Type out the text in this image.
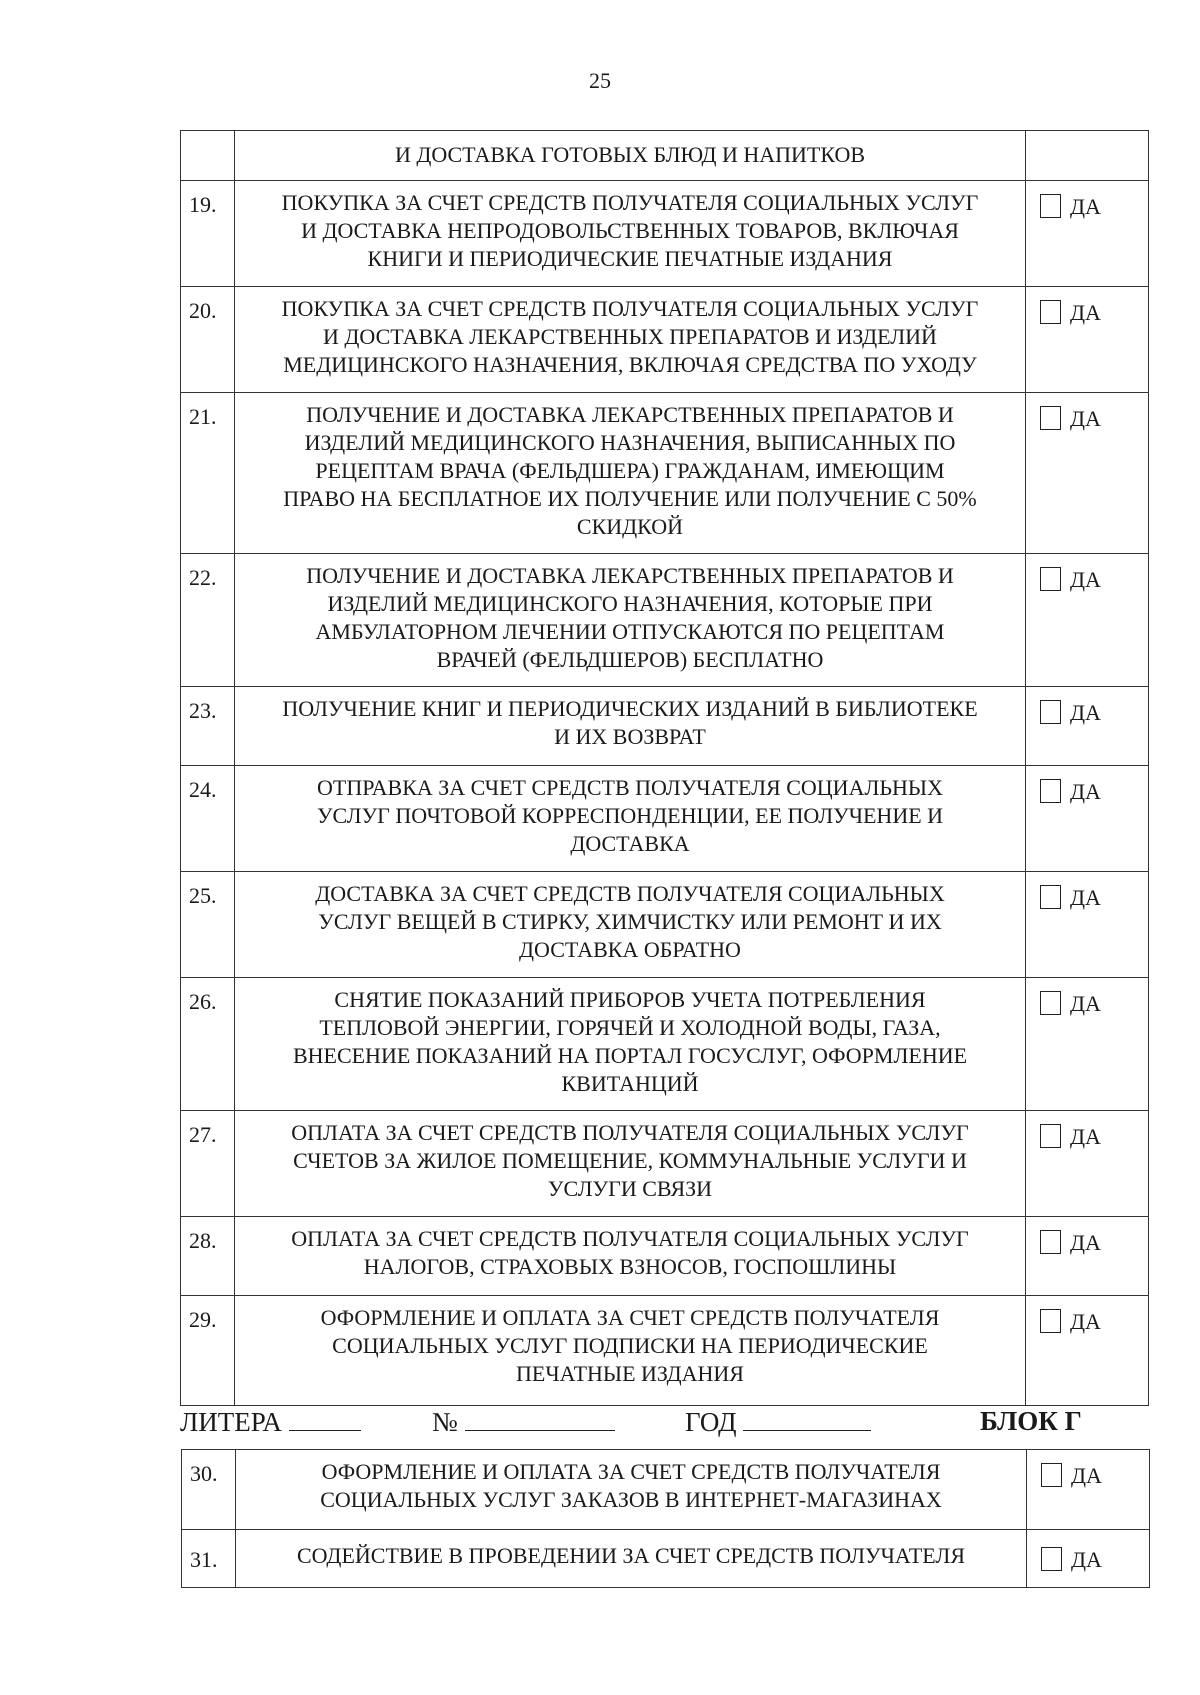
25

	И ДОСТАВКА ГОТОВЫХ БЛЮД И НАПИТКОВ	

19.	ПОКУПКА ЗА СЧЕТ СРЕДСТВ ПОЛУЧАТЕЛЯ СОЦИАЛЬНЫХ УСЛУГ
И ДОСТАВКА НЕПРОДОВОЛЬСТВЕННЫХ ТОВАРОВ, ВКЛЮЧАЯ
КНИГИ И ПЕРИОДИЧЕСКИЕ ПЕЧАТНЫЕ ИЗДАНИЯ	ДА
20.	ПОКУПКА ЗА СЧЕТ СРЕДСТВ ПОЛУЧАТЕЛЯ СОЦИАЛЬНЫХ УСЛУГ
И ДОСТАВКА ЛЕКАРСТВЕННЫХ ПРЕПАРАТОВ И ИЗДЕЛИЙ
МЕДИЦИНСКОГО НАЗНАЧЕНИЯ, ВКЛЮЧАЯ СРЕДСТВА ПО УХОДУ	ДА
21.	ПОЛУЧЕНИЕ И ДОСТАВКА ЛЕКАРСТВЕННЫХ ПРЕПАРАТОВ И
ИЗДЕЛИЙ МЕДИЦИНСКОГО НАЗНАЧЕНИЯ, ВЫПИСАННЫХ ПО
РЕЦЕПТАМ ВРАЧА (ФЕЛЬДШЕРА) ГРАЖДАНАМ, ИМЕЮЩИМ
ПРАВО НА БЕСПЛАТНОЕ ИХ ПОЛУЧЕНИЕ ИЛИ ПОЛУЧЕНИЕ С 50%
СКИДКОЙ	ДА
22.	ПОЛУЧЕНИЕ И ДОСТАВКА ЛЕКАРСТВЕННЫХ ПРЕПАРАТОВ И
ИЗДЕЛИЙ МЕДИЦИНСКОГО НАЗНАЧЕНИЯ, КОТОРЫЕ ПРИ
АМБУЛАТОРНОМ ЛЕЧЕНИИ ОТПУСКАЮТСЯ ПО РЕЦЕПТАМ
ВРАЧЕЙ (ФЕЛЬДШЕРОВ) БЕСПЛАТНО	ДА
23.	ПОЛУЧЕНИЕ КНИГ И ПЕРИОДИЧЕСКИХ ИЗДАНИЙ В БИБЛИОТЕКЕ
И ИХ ВОЗВРАТ	ДА
24.	ОТПРАВКА ЗА СЧЕТ СРЕДСТВ ПОЛУЧАТЕЛЯ СОЦИАЛЬНЫХ
УСЛУГ ПОЧТОВОЙ КОРРЕСПОНДЕНЦИИ, ЕЕ ПОЛУЧЕНИЕ И
ДОСТАВКА	ДА
25.	ДОСТАВКА ЗА СЧЕТ СРЕДСТВ ПОЛУЧАТЕЛЯ СОЦИАЛЬНЫХ
УСЛУГ ВЕЩЕЙ В СТИРКУ, ХИМЧИСТКУ ИЛИ РЕМОНТ И ИХ
ДОСТАВКА ОБРАТНО	ДА
26.	СНЯТИЕ ПОКАЗАНИЙ ПРИБОРОВ УЧЕТА ПОТРЕБЛЕНИЯ
ТЕПЛОВОЙ ЭНЕРГИИ, ГОРЯЧЕЙ И ХОЛОДНОЙ ВОДЫ, ГАЗА,
ВНЕСЕНИЕ ПОКАЗАНИЙ НА ПОРТАЛ ГОСУСЛУГ, ОФОРМЛЕНИЕ
КВИТАНЦИЙ	ДА
27.	ОПЛАТА ЗА СЧЕТ СРЕДСТВ ПОЛУЧАТЕЛЯ СОЦИАЛЬНЫХ УСЛУГ
СЧЕТОВ ЗА ЖИЛОЕ ПОМЕЩЕНИЕ, КОММУНАЛЬНЫЕ УСЛУГИ И
УСЛУГИ СВЯЗИ	ДА
28.	ОПЛАТА ЗА СЧЕТ СРЕДСТВ ПОЛУЧАТЕЛЯ СОЦИАЛЬНЫХ УСЛУГ
НАЛОГОВ, СТРАХОВЫХ ВЗНОСОВ, ГОСПОШЛИНЫ	ДА
29.	ОФОРМЛЕНИЕ И ОПЛАТА ЗА СЧЕТ СРЕДСТВ ПОЛУЧАТЕЛЯ
СОЦИАЛЬНЫХ УСЛУГ ПОДПИСКИ НА ПЕРИОДИЧЕСКИЕ
ПЕЧАТНЫЕ ИЗДАНИЯ	ДА
ЛИТЕРА	№	ГОД	БЛОК Г
30.	ОФОРМЛЕНИЕ И ОПЛАТА ЗА СЧЕТ СРЕДСТВ ПОЛУЧАТЕЛЯ
СОЦИАЛЬНЫХ УСЛУГ ЗАКАЗОВ В ИНТЕРНЕТ-МАГАЗИНАХ	ДА
31.	СОДЕЙСТВИЕ В ПРОВЕДЕНИИ ЗА СЧЕТ СРЕДСТВ ПОЛУЧАТЕЛЯ	ДА
